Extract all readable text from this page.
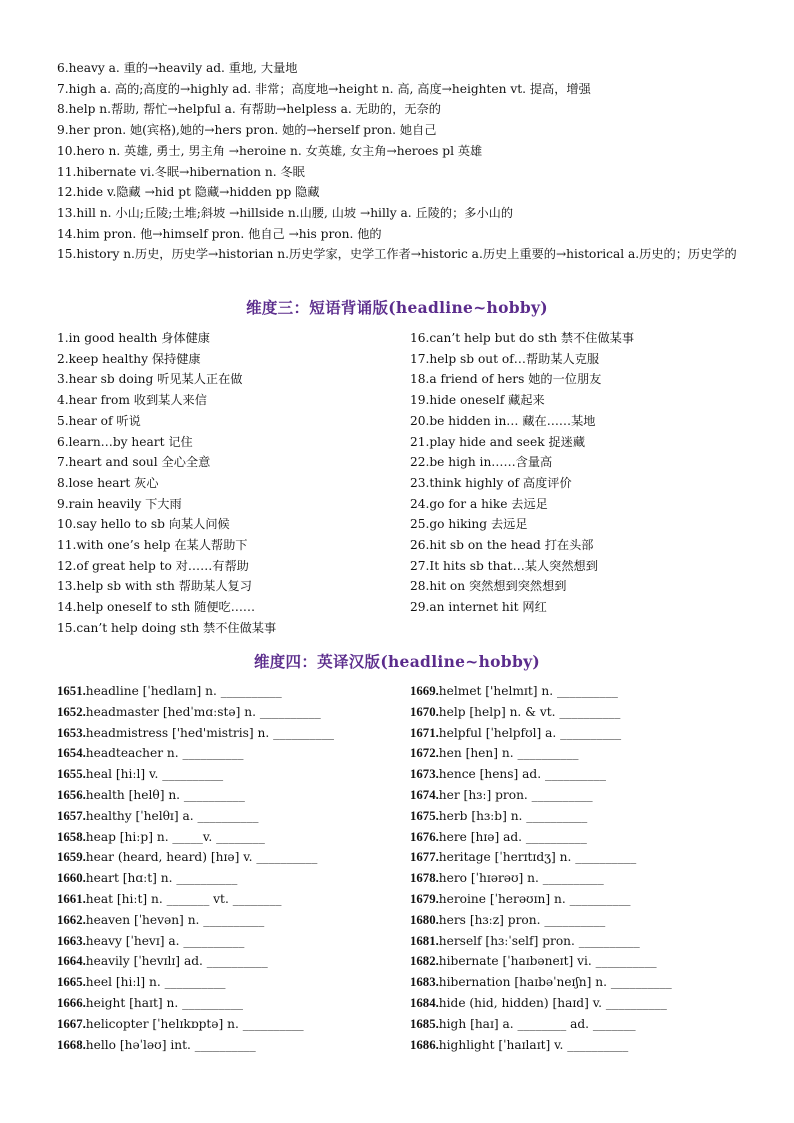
6.heavy a. 重的→heavily ad. 重地, 大量地
7.high a. 高的;高度的→highly ad. 非常；高度地→height n. 高, 高度→heighten vt. 提高，增强
8.help n.帮助, 帮忙→helpful a. 有帮助→helpless a. 无助的，无奈的
9.her pron. 她(宾格),她的→hers pron. 她的→herself pron. 她自己
10.hero n. 英雄, 勇士, 男主角 →heroine n. 女英雄, 女主角→heroes pl 英雄
11.hibernate vi.冬眠→hibernation n. 冬眠
12.hide v.隐藏 →hid pt 隐藏→hidden pp 隐藏
13.hill n. 小山;丘陵;土堆;斜坡 →hillside n.山腰, 山坡 →hilly a. 丘陵的；多小山的
14.him pron. 他→himself pron. 他自己 →his pron. 他的
15.history n.历史，历史学→historian n.历史学家，史学工作者→historic a.历史上重要的→historical a.历史的；历史学的
维度三：短语背诵版(headline~hobby)
1.in good health 身体健康
2.keep healthy 保持健康
3.hear sb doing 听见某人正在做
4.hear from 收到某人来信
5.hear of 听说
6.learn…by heart 记住
7.heart and soul 全心全意
8.lose heart 灰心
9.rain heavily 下大雨
10.say hello to sb 向某人问候
11.with one’s help 在某人帮助下
12.of great help to 对……有帮助
13.help sb with sth 帮助某人复习
14.help oneself to sth 随便吃……
15.can’t help doing sth 禁不住做某事
16.can’t help but do sth 禁不住做某事
17.help sb out of…帮助某人克服
18.a friend of hers 她的一位朋友
19.hide oneself 藏起来
20.be hidden in… 藏在……某地
21.play hide and seek 捉迷藏
22.be high in……含量高
23.think highly of 高度评价
24.go for a hike 去远足
25.go hiking 去远足
26.hit sb on the head 打在头部
27.It hits sb that…某人突然想到
28.hit on 突然想到突然想到
29.an internet hit 网红
维度四：英译汉版(headline~hobby)
1651.headline [ˈhedlaɪn] n. __________
1652.headmaster [hedˈmɑːstə] n. __________
1653.headmistress ['hed'mistris] n. __________
1654.headteacher n. __________
1655.heal [hiːl] v. __________
1656.health [helθ] n. __________
1657.healthy [ˈhelθɪ] a. __________
1658.heap [hiːp] n. _____v. ________
1659.hear (heard, heard) [hɪə] v. __________
1660.heart [hɑːt] n. __________
1661.heat [hiːt] n. _______ vt. ________
1662.heaven [ˈhevən] n. __________
1663.heavy [ˈhevɪ] a. __________
1664.heavily [ˈhevɪlɪ] ad. __________
1665.heel [hiːl] n. __________
1666.height [haɪt] n. __________
1667.helicopter [ˈhelɪkɒptə] n. __________
1668.hello [həˈləʊ] int. __________
1669.helmet ['helmɪt] n. __________
1670.help [help] n. & vt. __________
1671.helpful [ˈhelpfʊl] a. __________
1672.hen [hen] n. __________
1673.hence [hens] ad. __________
1674.her [hɜː] pron. __________
1675.herb [hɜːb] n. __________
1676.here [hɪə] ad. __________
1677.heritage [ˈherɪtɪdʒ] n. __________
1678.hero [ˈhɪərəʊ] n. __________
1679.heroine [ˈherəʊɪn] n. __________
1680.hers [hɜːz] pron. __________
1681.herself [hɜːˈself] pron. __________
1682.hibernate [ˈhaɪbəneɪt] vi. __________
1683.hibernation [haɪbəˈneɪʃn] n. __________
1684.hide (hid, hidden) [haɪd] v. __________
1685.high [haɪ] a. ________ ad. _______
1686.highlight [ˈhaɪlaɪt] v. __________
